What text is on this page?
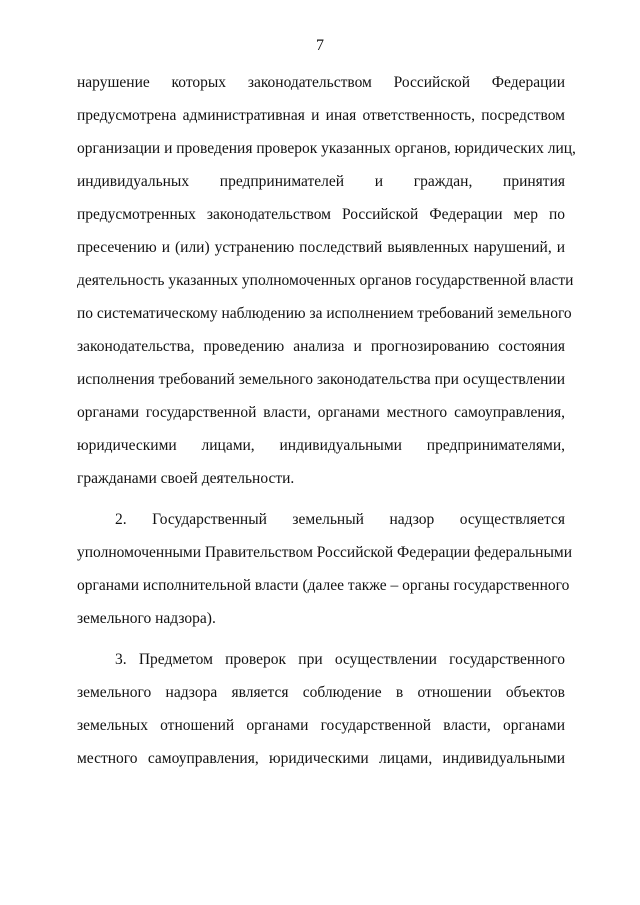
7
нарушение которых законодательством Российской Федерации
предусмотрена административная и иная ответственность, посредством
организации и проведения проверок указанных органов, юридических лиц,
индивидуальных предпринимателей и граждан, принятия
предусмотренных законодательством Российской Федерации мер по
пресечению и (или) устранению последствий выявленных нарушений, и
деятельность указанных уполномоченных органов государственной власти
по систематическому наблюдению за исполнением требований земельного
законодательства, проведению анализа и прогнозированию состояния
исполнения требований земельного законодательства при осуществлении
органами государственной власти, органами местного самоуправления,
юридическими лицами, индивидуальными предпринимателями,
гражданами своей деятельности.
2. Государственный земельный надзор осуществляется
уполномоченными Правительством Российской Федерации федеральными
органами исполнительной власти (далее также – органы государственного
земельного надзора).
3. Предметом проверок при осуществлении государственного
земельного надзора является соблюдение в отношении объектов
земельных отношений органами государственной власти, органами
местного самоуправления, юридическими лицами, индивидуальными
